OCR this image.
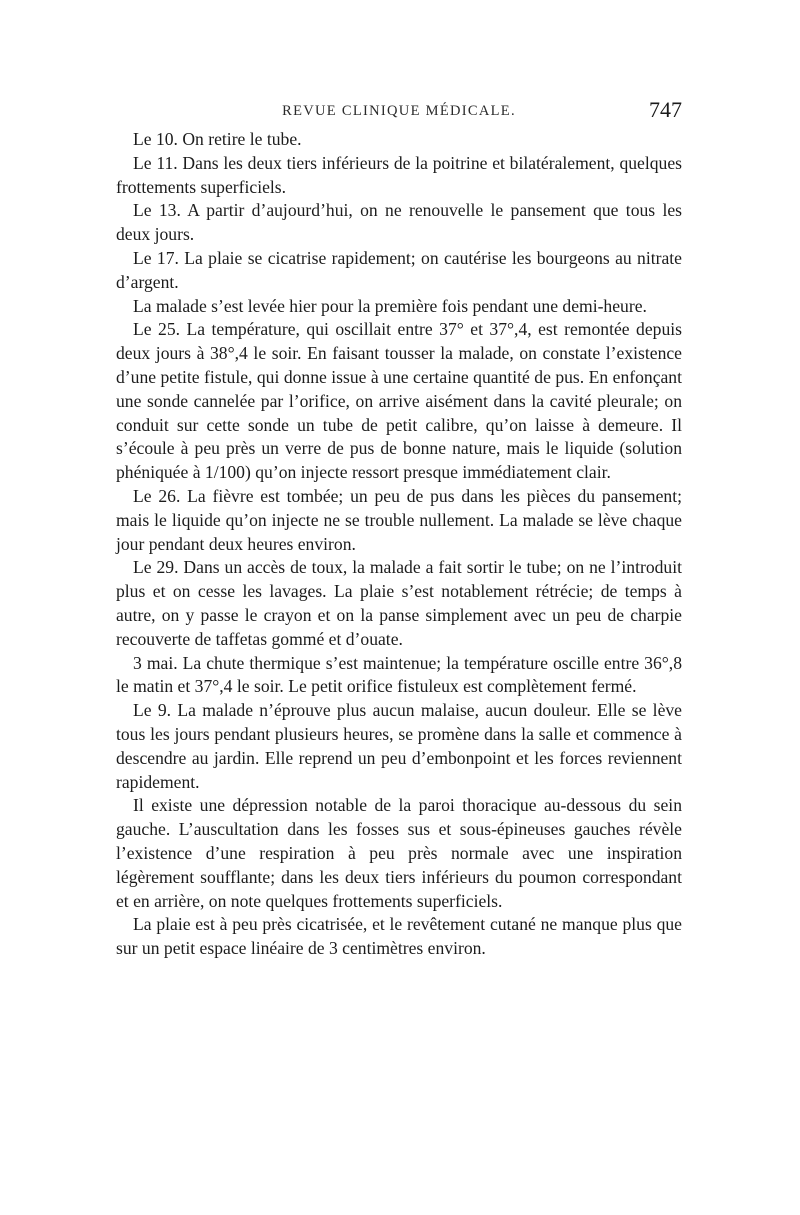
REVUE CLINIQUE MÉDICALE.	747

Le 10. On retire le tube.

Le 11. Dans les deux tiers inférieurs de la poitrine et bilatéralement, quelques frottements superficiels.

Le 13. A partir d’aujourd’hui, on ne renouvelle le pansement que tous les deux jours.

Le 17. La plaie se cicatrise rapidement; on cautérise les bourgeons au nitrate d’argent.

La malade s’est levée hier pour la première fois pendant une demi-heure.

Le 25. La température, qui oscillait entre 37° et 37°,4, est remontée depuis deux jours à 38°,4 le soir. En faisant tousser la malade, on constate l’existence d’une petite fistule, qui donne issue à une certaine quantité de pus. En enfonçant une sonde cannelée par l’orifice, on arrive aisément dans la cavité pleurale; on conduit sur cette sonde un tube de petit calibre, qu’on laisse à demeure. Il s’écoule à peu près un verre de pus de bonne nature, mais le liquide (solution phéniquée à 1/100) qu’on injecte ressort presque immédiatement clair.

Le 26. La fièvre est tombée; un peu de pus dans les pièces du pansement; mais le liquide qu’on injecte ne se trouble nullement. La malade se lève chaque jour pendant deux heures environ.

Le 29. Dans un accès de toux, la malade a fait sortir le tube; on ne l’introduit plus et on cesse les lavages. La plaie s’est notablement rétrécie; de temps à autre, on y passe le crayon et on la panse simplement avec un peu de charpie recouverte de taffetas gommé et d’ouate.

3 mai. La chute thermique s’est maintenue; la température oscille entre 36°,8 le matin et 37°,4 le soir. Le petit orifice fistuleux est complètement fermé.

Le 9. La malade n’éprouve plus aucun malaise, aucun douleur. Elle se lève tous les jours pendant plusieurs heures, se promène dans la salle et commence à descendre au jardin. Elle reprend un peu d’embonpoint et les forces reviennent rapidement.

Il existe une dépression notable de la paroi thoracique au-dessous du sein gauche. L’auscultation dans les fosses sus et sous-épineuses gauches révèle l’existence d’une respiration à peu près normale avec une inspiration légèrement soufflante; dans les deux tiers inférieurs du poumon correspondant et en arrière, on note quelques frottements superficiels.

La plaie est à peu près cicatrisée, et le revêtement cutané ne manque plus que sur un petit espace linéaire de 3 centimètres environ.
